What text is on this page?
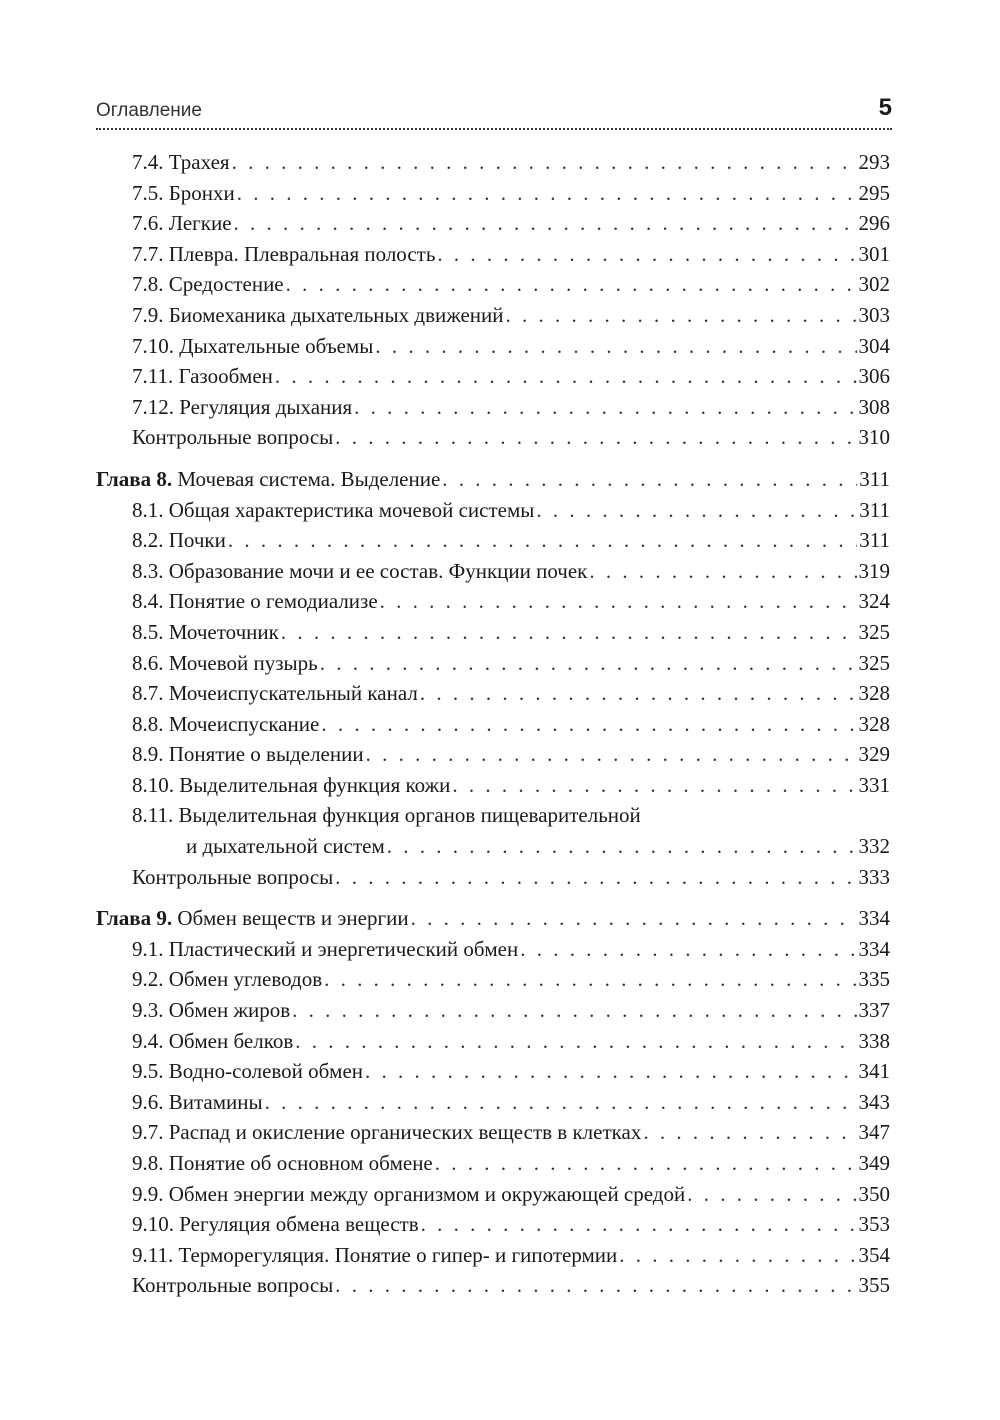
Оглавление	5
7.4. Трахея . . .	293
7.5. Бронхи . . .	295
7.6. Легкие . . .	296
7.7. Плевра. Плевральная полость . . .	301
7.8. Средостение . . .	302
7.9. Биомеханика дыхательных движений . . .	303
7.10. Дыхательные объемы . . .	304
7.11. Газообмен . . .	306
7.12. Регуляция дыхания . . .	308
Контрольные вопросы . . .	310
Глава 8. Мочевая система. Выделение . . .	311
8.1. Общая характеристика мочевой системы . . .	311
8.2. Почки . . .	311
8.3. Образование мочи и ее состав. Функции почек . . .	319
8.4. Понятие о гемодиализе . . .	324
8.5. Мочеточник . . .	325
8.6. Мочевой пузырь . . .	325
8.7. Мочеиспускательный канал . . .	328
8.8. Мочеиспускание . . .	328
8.9. Понятие о выделении . . .	329
8.10. Выделительная функция кожи . . .	331
8.11. Выделительная функция органов пищеварительной
и дыхательной систем . . .	332
Контрольные вопросы . . .	333
Глава 9. Обмен веществ и энергии . . .	334
9.1. Пластический и энергетический обмен . . .	334
9.2. Обмен углеводов . . .	335
9.3. Обмен жиров . . .	337
9.4. Обмен белков . . .	338
9.5. Водно-солевой обмен . . .	341
9.6. Витамины . . .	343
9.7. Распад и окисление органических веществ в клетках . . .	347
9.8. Понятие об основном обмене . . .	349
9.9. Обмен энергии между организмом и окружающей средой . . .	350
9.10. Регуляция обмена веществ . . .	353
9.11. Терморегуляция. Понятие о гипер- и гипотермии . . .	354
Контрольные вопросы . . .	355
